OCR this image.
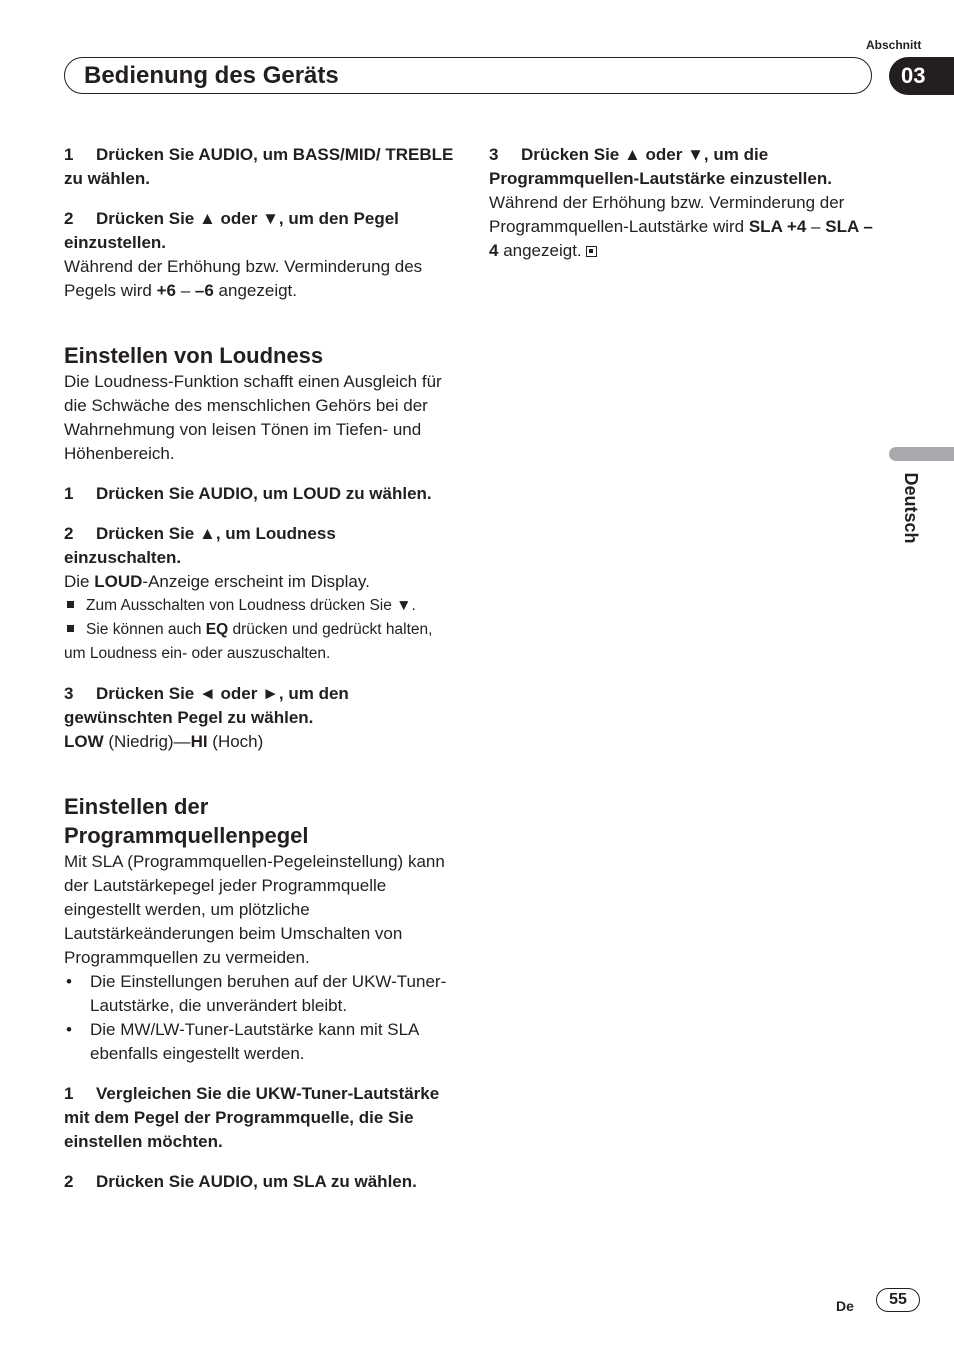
Abschnitt
Bedienung des Geräts	03

1 Drücken Sie AUDIO, um BASS/MID/ TREBLE zu wählen.

2 Drücken Sie ▲ oder ▼, um den Pegel einzustellen.

Während der Erhöhung bzw. Verminderung des Pegels wird +6 – –6 angezeigt.

Einstellen von Loudness

Die Loudness-Funktion schafft einen Ausgleich für die Schwäche des menschlichen Gehörs bei der Wahrnehmung von leisen Tönen im Tiefen- und Höhenbereich.

1 Drücken Sie AUDIO, um LOUD zu wählen.

2 Drücken Sie ▲, um Loudness einzuschalten.

Die LOUD-Anzeige erscheint im Display.

Zum Ausschalten von Loudness drücken Sie ▼.

Sie können auch EQ drücken und gedrückt halten, um Loudness ein- oder auszuschalten.

3 Drücken Sie ◄ oder ►, um den gewünschten Pegel zu wählen.

LOW (Niedrig)—HI (Hoch)

Einstellen der Programmquellenpegel

Mit SLA (Programmquellen-Pegeleinstellung) kann der Lautstärkepegel jeder Programmquelle eingestellt werden, um plötzliche Lautstärkeänderungen beim Umschalten von Programmquellen zu vermeiden.

• Die Einstellungen beruhen auf der UKW-Tuner-Lautstärke, die unverändert bleibt.

• Die MW/LW-Tuner-Lautstärke kann mit SLA ebenfalls eingestellt werden.

1 Vergleichen Sie die UKW-Tuner-Lautstärke mit dem Pegel der Programmquelle, die Sie einstellen möchten.

2 Drücken Sie AUDIO, um SLA zu wählen.

3 Drücken Sie ▲ oder ▼, um die Programmquellen-Lautstärke einzustellen.

Während der Erhöhung bzw. Verminderung der Programmquellen-Lautstärke wird SLA +4 – SLA –4 angezeigt.

Deutsch
De	55
